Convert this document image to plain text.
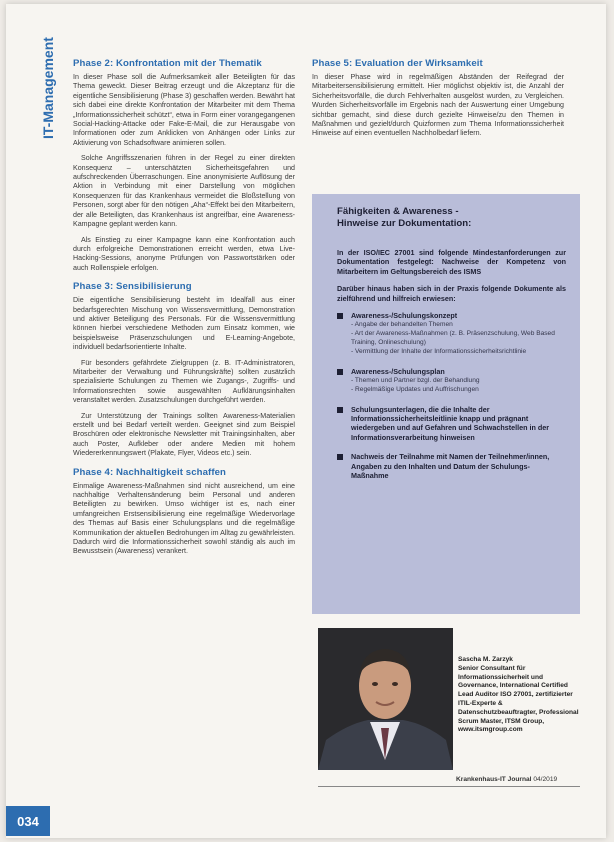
IT-Management Phase 2: Konfrontation mit der Thematik

In dieser Phase soll die Aufmerksamkeit aller Beteiligten für das Thema geweckt. Dieser Beitrag erzeugt und die Akzeptanz für die eigentliche Sensibilisierung (Phase 3) geschaffen werden. Bewährt hat sich dabei eine direkte Konfrontation der Mitarbeiter mit dem Thema „Informationssicherheit schützt“, etwa in Form einer vorangegangenen Social-Hacking-Attacke oder Fake-E-Mail, die zur Herausgabe von Informationen oder zum Anklicken von Anhängen oder Links zur Aktivierung von Schadsoftware animieren sollen.

Solche Angriffsszenarien führen in der Regel zu einer direkten Konsequenz – unterschätzten Sicherheitsgefahren und aufschreckenden Überraschungen. Eine anonymisierte Auflösung der Aktion in Verbindung mit einer Darstellung von möglichen Konsequenzen für das Krankenhaus vermeidet die Bloßstellung von Personen, sorgt aber für den nötigen „Aha“-Effekt bei den Mitarbeitern, der alle Beteiligten, das Krankenhaus ist angreifbar, eine Awareness-Kampagne geplant werden kann.

Als Einstieg zu einer Kampagne kann eine Konfrontation auch durch erfolgreiche Demonstrationen erreicht werden, etwa Live-Hacking-Sessions, anonyme Prüfungen von Passwortstärken oder auch Rollenspiele erfolgen.

Phase 3: Sensibilisierung

Die eigentliche Sensibilisierung besteht im Idealfall aus einer bedarfsgerechten Mischung von Wissensvermittlung, Demonstration und aktiver Beteiligung des Personals. Für die Wissensvermittlung können hierbei verschiedene Methoden zum Einsatz kommen, wie beispielsweise Präsenzschulungen und E-Learning-Angebote, individuell bedarfsorientierte Inhalte.

Für besonders gefährdete Zielgruppen (z. B. IT-Administratoren, Mitarbeiter der Verwaltung und Führungskräfte) sollten zusätzlich spezialisierte Schulungen zu Themen wie Zugangs-, Zugriffs- und Informationsrechten sowie ausgewählten Aufklärungsinhalten veranstaltet werden. Zusatzschulungen durchgeführt werden.

Zur Unterstützung der Trainings sollten Awareness-Materialien erstellt und bei Bedarf verteilt werden. Geeignet sind zum Beispiel Broschüren oder elektronische Newsletter mit Trainingsinhalten, aber auch Poster, Aufkleber oder andere Medien mit hohem Wiedererkennungswert (Plakate, Flyer, Videos etc.) sein.

Phase 4: Nachhaltigkeit schaffen

Einmalige Awareness-Maßnahmen sind nicht ausreichend, um eine nachhaltige Verhaltensänderung beim Personal und anderen Beteiligten zu bewirken. Umso wichtiger ist es, nach einer umfangreichen Erstsensibilisierung eine regelmäßige Wiedervorlage des Themas auf Basis einer Schulungsplans und die regelmäßige Kommunikation der aktuellen Bedrohungen im Alltag zu gewährleisten. Dadurch wird die Informationssicherheit sowohl ständig als auch im Bewusstsein (Awareness) verankert.

Phase 5: Evaluation der Wirksamkeit

In dieser Phase wird in regelmäßigen Abständen der Reifegrad der Mitarbeitersensibilisierung ermittelt. Hier möglichst objektiv ist, die Anzahl der Sicherheitsvorfälle, die durch Fehlverhalten ausgelöst wurden, zu Vergleichen. Wurden Sicherheitsvorfälle im Ergebnis nach der Auswertung einer Umgebung sichtbar gemacht, sind diese durch gezielte Hinweise/zu den Themen in Maßnahmen und gezielt/durch Quizformen zum Thema Informationssicherheit Hinweise auf einen eventuellen Nachholbedarf liefern.

Fähigkeiten & Awareness -
Hinweise zur Dokumentation:

In der ISO/IEC 27001 sind folgende Mindestanforderungen zur Dokumentation festgelegt: Nachweise der Kompetenz von Mitarbeitern im Geltungsbereich des ISMS

Darüber hinaus haben sich in der Praxis folgende Dokumente als zielführend und hilfreich erwiesen:

Awareness-/Schulungskonzept
- Angabe der behandelten Themen
- Art der Awareness-Maßnahmen (z. B. Präsenzschulung, Web Based Training, Onlineschulung)
- Vermittlung der Inhalte der Informationssicherheitsrichtlinie
Awareness-/Schulungsplan
- Themen und Partner bzgl. der Behandlung
- Regelmäßige Updates und Auffrischungen
Schulungsunterlagen, die die Inhalte der Informationssicherheitsleitlinie knapp und prägnant wiedergeben und auf Gefahren und Schwachstellen in der Informationsverarbeitung hinweisen
Nachweis der Teilnahme mit Namen der Teilnehmer/innen, Angaben zu den Inhalten und Datum der Schulungs-Maßnahme
Sascha M. Zarzyk
Senior Consultant für Informationssicherheit und Governance, International Certified Lead Auditor ISO 27001, zertifizierter ITIL-Experte & Datenschutzbeauftragter, Professional Scrum Master, ITSM Group, www.itsmgroup.com
Krankenhaus-IT Journal 04/2019
034
